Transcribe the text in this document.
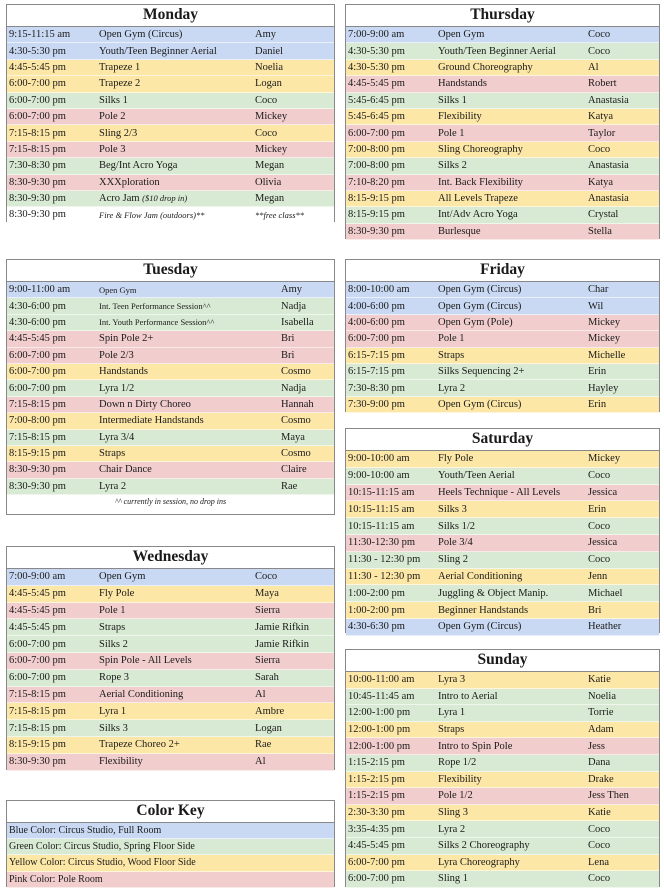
Monday
9:15-11:15 am	Open Gym (Circus)	Amy
4:30-5:30 pm	Youth/Teen Beginner Aerial	Daniel
4:45-5:45 pm	Trapeze 1	Noelia
6:00-7:00 pm	Trapeze 2	Logan
6:00-7:00 pm	Silks 1	Coco
6:00-7:00 pm	Pole 2	Mickey
7:15-8:15 pm	Sling 2/3	Coco
7:15-8:15 pm	Pole 3	Mickey
7:30-8:30 pm	Beg/Int Acro Yoga	Megan
8:30-9:30 pm	XXXploration	Olivia
8:30-9:30 pm	Acro Jam ($10 drop in)	Megan
8:30-9:30 pm	Fire & Flow Jam (outdoors)**	**free class**
Tuesday
9:00-11:00 am	Open Gym	Amy
4:30-6:00 pm	Int. Teen Performance Session^^	Nadja
4:30-6:00 pm	Int. Youth Performance Session^^	Isabella
4:45-5:45 pm	Spin Pole 2+	Bri
6:00-7:00 pm	Pole 2/3	Bri
6:00-7:00 pm	Handstands	Cosmo
6:00-7:00 pm	Lyra 1/2	Nadja
7:15-8:15 pm	Down n Dirty Choreo	Hannah
7:00-8:00 pm	Intermediate Handstands	Cosmo
7:15-8:15 pm	Lyra 3/4	Maya
8:15-9:15 pm	Straps	Cosmo
8:30-9:30 pm	Chair Dance	Claire
8:30-9:30 pm	Lyra 2	Rae
^^ currently in session, no drop ins
Wednesday
7:00-9:00 am	Open Gym	Coco
4:45-5:45 pm	Fly Pole	Maya
4:45-5:45 pm	Pole 1	Sierra
4:45-5:45 pm	Straps	Jamie Rifkin
6:00-7:00 pm	Silks 2	Jamie Rifkin
6:00-7:00 pm	Spin Pole - All Levels	Sierra
6:00-7:00 pm	Rope 3	Sarah
7:15-8:15 pm	Aerial Conditioning	Al
7:15-8:15 pm	Lyra 1	Ambre
7:15-8:15 pm	Silks 3	Logan
8:15-9:15 pm	Trapeze Choreo 2+	Rae
8:30-9:30 pm	Flexibility	Al
Color Key
Blue Color: Circus Studio, Full Room
Green Color: Circus Studio, Spring Floor Side
Yellow Color: Circus Studio, Wood Floor Side
Pink Color: Pole Room
Thursday
7:00-9:00 am	Open Gym	Coco
4:30-5:30 pm	Youth/Teen Beginner Aerial	Coco
4:30-5:30 pm	Ground Choreography	Al
4:45-5:45 pm	Handstands	Robert
5:45-6:45 pm	Silks 1	Anastasia
5:45-6:45 pm	Flexibility	Katya
6:00-7:00 pm	Pole 1	Taylor
7:00-8:00 pm	Sling Choreography	Coco
7:00-8:00 pm	Silks 2	Anastasia
7:10-8:20 pm	Int. Back Flexibility	Katya
8:15-9:15 pm	All Levels Trapeze	Anastasia
8:15-9:15 pm	Int/Adv Acro Yoga	Crystal
8:30-9:30 pm	Burlesque	Stella
Friday
8:00-10:00 am	Open Gym (Circus)	Char
4:00-6:00 pm	Open Gym (Circus)	Wil
4:00-6:00 pm	Open Gym (Pole)	Mickey
6:00-7:00 pm	Pole 1	Mickey
6:15-7:15 pm	Straps	Michelle
6:15-7:15 pm	Silks Sequencing 2+	Erin
7:30-8:30 pm	Lyra 2	Hayley
7:30-9:00 pm	Open Gym (Circus)	Erin
Saturday
9:00-10:00 am	Fly Pole	Mickey
9:00-10:00 am	Youth/Teen Aerial	Coco
10:15-11:15 am	Heels Technique - All Levels	Jessica
10:15-11:15 am	Silks 3	Erin
10:15-11:15 am	Silks 1/2	Coco
11:30-12:30 pm	Pole 3/4	Jessica
11:30 - 12:30 pm	Sling 2	Coco
11:30 - 12:30 pm	Aerial Conditioning	Jenn
1:00-2:00 pm	Juggling & Object Manip.	Michael
1:00-2:00 pm	Beginner Handstands	Bri
4:30-6:30 pm	Open Gym (Circus)	Heather
Sunday
10:00-11:00 am	Lyra 3	Katie
10:45-11:45 am	Intro to Aerial	Noelia
12:00-1:00 pm	Lyra 1	Torrie
12:00-1:00 pm	Straps	Adam
12:00-1:00 pm	Intro to Spin Pole	Jess
1:15-2:15 pm	Rope 1/2	Dana
1:15-2:15 pm	Flexibility	Drake
1:15-2:15 pm	Pole 1/2	Jess Then
2:30-3:30 pm	Sling 3	Katie
3:35-4:35 pm	Lyra 2	Coco
4:45-5:45 pm	Silks 2 Choreography	Coco
6:00-7:00 pm	Lyra Choreography	Lena
6:00-7:00 pm	Sling 1	Coco
